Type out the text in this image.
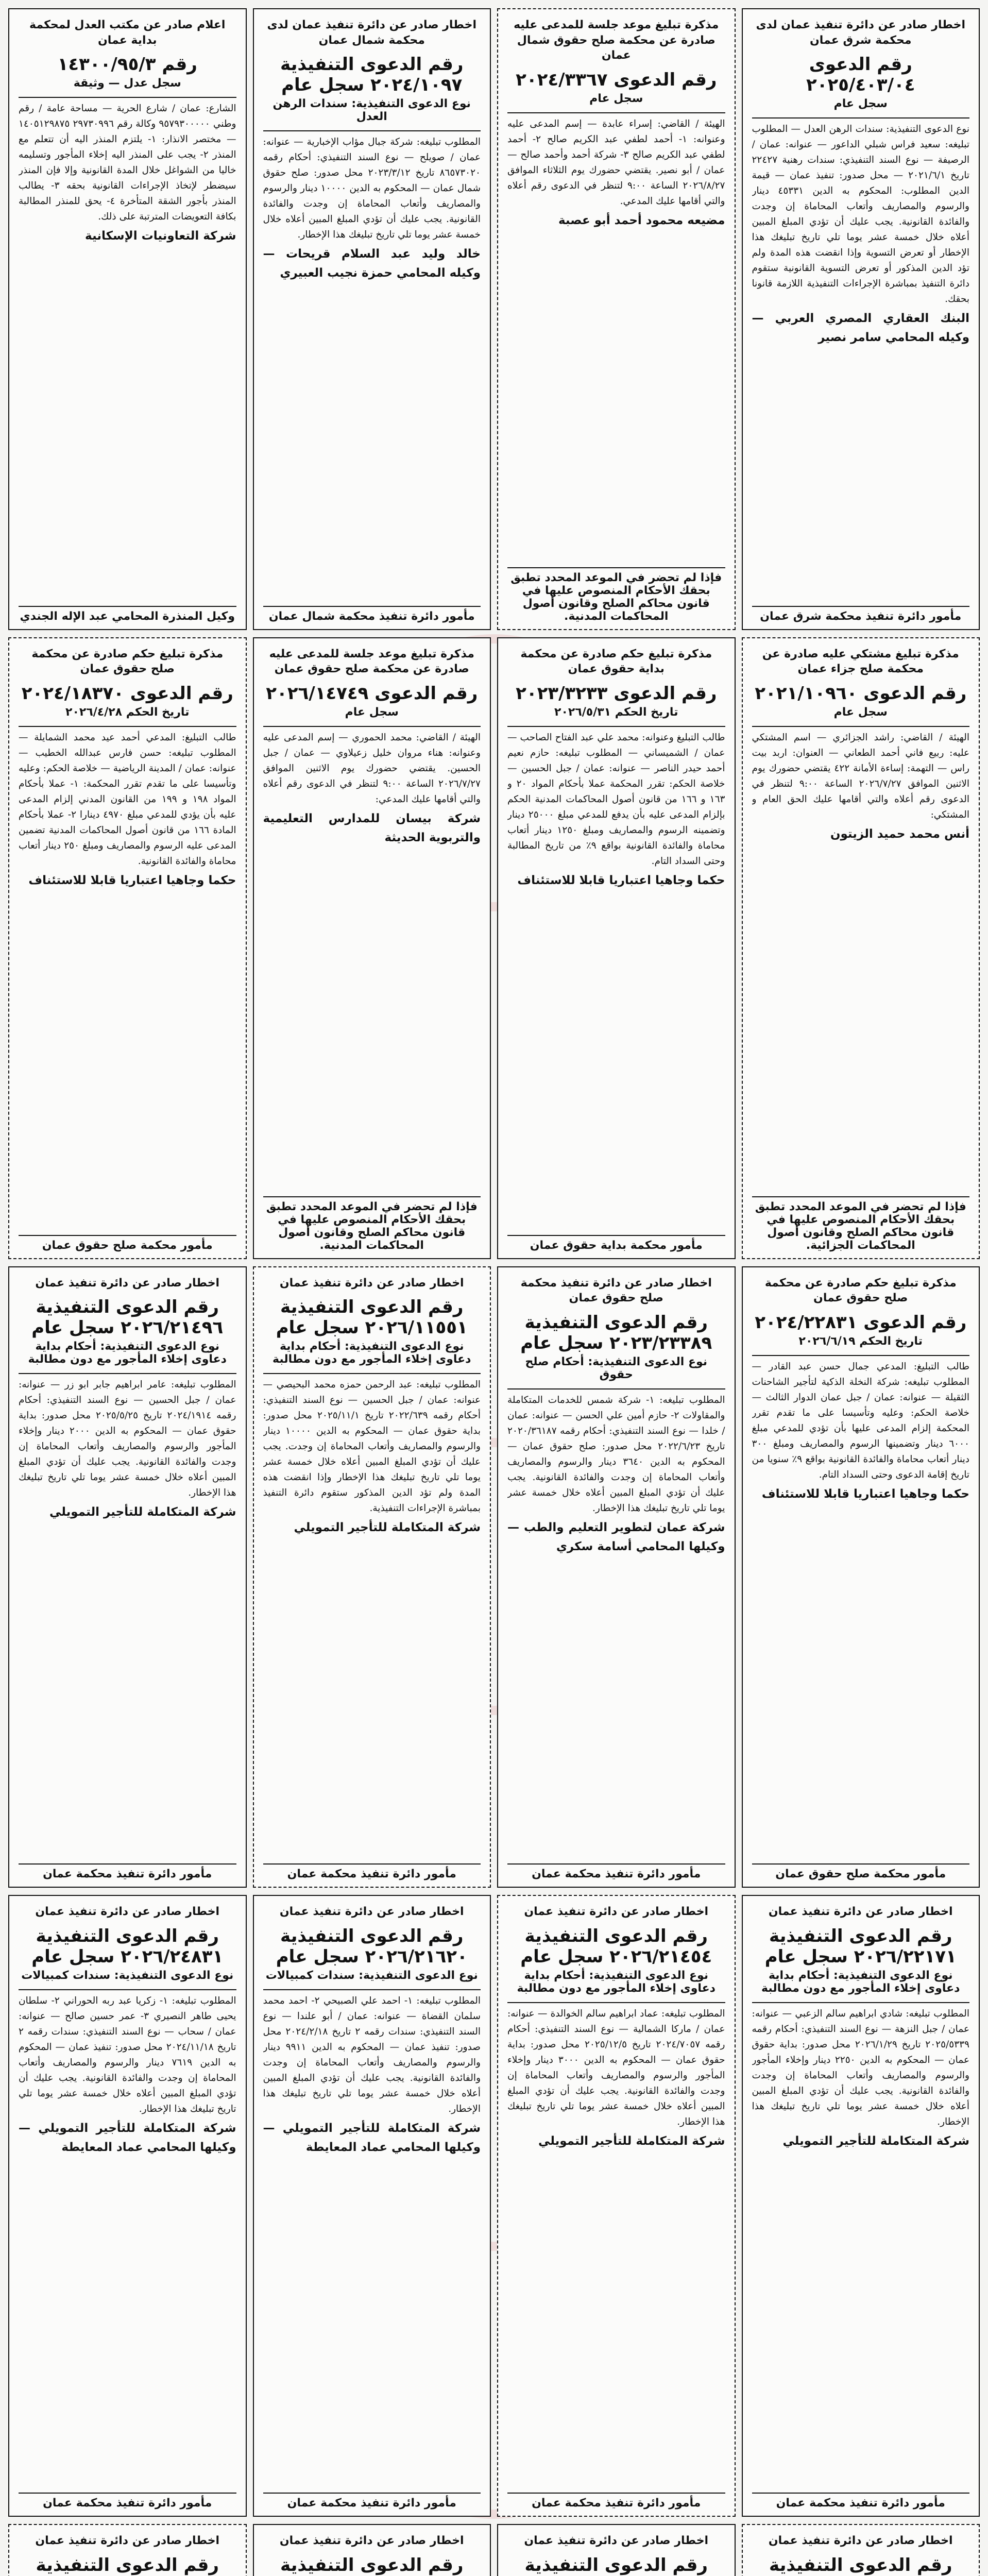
اخطار صادر عن دائرة تنفيذ عمان لدى محكمة شرق عمان
رقم الدعوى ٢٠٢٥/٤٠٣/٠٤
سجل عام
نوع الدعوى التنفيذية: سندات الرهن العدل — المطلوب تبليغه: سعيد فراس شبلي الداعور — عنوانه: عمان / الرصيفة — نوع السند التنفيذي: سندات رهنية ٢٢٤٢٧ تاريخ ٢٠٢١/٦/١ — محل صدور: تنفيذ عمان — قيمة الدين المطلوب: المحكوم به الدين ٤٥٣٣١ دينار والرسوم والمصاريف وأتعاب المحاماة إن وجدت والفائدة القانونية. يجب عليك أن تؤدي المبلغ المبين أعلاه خلال خمسة عشر يوما تلي تاريخ تبليغك هذا الإخطار أو تعرض التسوية وإذا انقضت هذه المدة ولم تؤد الدين المذكور أو تعرض التسوية القانونية ستقوم دائرة التنفيذ بمباشرة الإجراءات التنفيذية اللازمة قانونا بحقك.
البنك العقاري المصري العربي — وكيله المحامي سامر نصير
مأمور دائرة تنفيذ محكمة شرق عمان
مذكرة تبليغ موعد جلسة للمدعى عليه صادرة عن محكمة صلح حقوق شمال عمان
رقم الدعوى ٢٠٢٤/٣٣٦٧
سجل عام
الهيئة / القاضي: إسراء عابدة — إسم المدعى عليه وعنوانه: ١- أحمد لطفي عبد الكريم صالح ٢- أحمد لطفي عبد الكريم صالح ٣- شركة أحمد وأحمد صالح — عمان / أبو نصير. يقتضي حضورك يوم الثلاثاء الموافق ٢٠٢٦/٨/٢٧ الساعة ٩:٠٠ لتنظر في الدعوى رقم أعلاه والتي أقامها عليك المدعي.
مضيعه محمود أحمد أبو عصبة
فإذا لم تحضر في الموعد المحدد تطبق بحقك الأحكام المنصوص عليها في قانون محاكم الصلح وقانون أصول المحاكمات المدنية.
اخطار صادر عن دائرة تنفيذ عمان لدى محكمة شمال عمان
رقم الدعوى التنفيذية ٢٠٢٤/١٠٩٧ سجل عام
نوع الدعوى التنفيذية: سندات الرهن العدل
المطلوب تبليغه: شركة جبال مؤاب الإخبارية — عنوانه: عمان / صويلح — نوع السند التنفيذي: أحكام رقمه ٨٦٥٧٣٠٢٠ تاريخ ٢٠٢٣/٣/١٢ محل صدور: صلح حقوق شمال عمان — المحكوم به الدين ١٠٠٠٠ دينار والرسوم والمصاريف وأتعاب المحاماة إن وجدت والفائدة القانونية. يجب عليك أن تؤدي المبلغ المبين أعلاه خلال خمسة عشر يوما تلي تاريخ تبليغك هذا الإخطار.
خالد وليد عبد السلام قريحات — وكيله المحامي حمزة نجيب العبيري
مأمور دائرة تنفيذ محكمة شمال عمان
اعلام صادر عن مكتب العدل لمحكمة بداية عمان
رقم ١٤٣٠٠/٩٥/٣
سجل عدل — وثيقة
الشارع: عمان / شارع الحرية — مساحة عامة / رقم وطني ٩٥٧٩٣٠٠٠٠٠ وكالة رقم ٢٩٧٣٠٩٩٦ ١٤٠٥١٢٩٨٧٥ — مختصر الانذار: ١- يلتزم المنذر اليه أن تتعلم مع المنذر ٢- يجب على المنذر اليه إخلاء المأجور وتسليمه خاليا من الشواغل خلال المدة القانونية وإلا فإن المنذر سيضطر لإتخاذ الإجراءات القانونية بحقه ٣- يطالب المنذر بأجور الشقة المتأخرة ٤- يحق للمنذر المطالبة بكافة التعويضات المترتبة على ذلك.
شركة التعاونيات الإسكانية
وكيل المنذرة المحامي عبد الإله الجندي
مذكرة تبليغ مشتكي عليه صادرة عن محكمة صلح جزاء عمان
رقم الدعوى ٢٠٢١/١٠٩٦٠
سجل عام
الهيئة / القاضي: راشد الجزائري — اسم المشتكي عليه: ربيع فاني أحمد الطعاني — العنوان: اربد بيت راس — التهمة: إساءة الأمانة ٤٢٢ يقتضي حضورك يوم الاثنين الموافق ٢٠٢٦/٧/٢٧ الساعة ٩:٠٠ لتنظر في الدعوى رقم أعلاه والتي أقامها عليك الحق العام و المشتكي:
أنس محمد حميد الزيتون
فإذا لم تحضر في الموعد المحدد تطبق بحقك الأحكام المنصوص عليها في قانون محاكم الصلح وقانون أصول المحاكمات الجزائية.
مذكرة تبليغ حكم صادرة عن محكمة بداية حقوق عمان
رقم الدعوى ٢٠٢٣/٣٢٣٣
تاريخ الحكم ٢٠٢٦/٥/٣١
طالب التبليغ وعنوانه: محمد علي عبد الفتاح الصاحب — عمان / الشميساني — المطلوب تبليغه: حازم نعيم أحمد حيدر الناصر — عنوانه: عمان / جبل الحسين — خلاصة الحكم: تقرر المحكمة عملا بأحكام المواد ٢٠ و ١٦٣ و ١٦٦ من قانون أصول المحاكمات المدنية الحكم بإلزام المدعى عليه بأن يدفع للمدعي مبلغ ٢٥٠٠٠ دينار وتضمينه الرسوم والمصاريف ومبلغ ١٢٥٠ دينار أتعاب محاماة والفائدة القانونية بواقع ٩٪ من تاريخ المطالبة وحتى السداد التام.
حكما وجاهيا اعتباريا قابلا للاستئناف
مأمور محكمة بداية حقوق عمان
مذكرة تبليغ موعد جلسة للمدعى عليه صادرة عن محكمة صلح حقوق عمان
رقم الدعوى ٢٠٢٦/١٤٧٤٩
سجل عام
الهيئة / القاضي: محمد الحموري — إسم المدعى عليه وعنوانه: هناء مروان خليل زعيلاوي — عمان / جبل الحسين. يقتضي حضورك يوم الاثنين الموافق ٢٠٢٦/٧/٢٧ الساعة ٩:٠٠ لتنظر في الدعوى رقم أعلاه والتي أقامها عليك المدعي:
شركة بيسان للمدارس التعليمية والتربوية الحديثة
فإذا لم تحضر في الموعد المحدد تطبق بحقك الأحكام المنصوص عليها في قانون محاكم الصلح وقانون أصول المحاكمات المدنية.
مذكرة تبليغ حكم صادرة عن محكمة صلح حقوق عمان
رقم الدعوى ٢٠٢٤/١٨٣٧٠
تاريخ الحكم ٢٠٢٦/٤/٢٨
طالب التبليغ: المدعي أحمد عيد محمد الشمايلة — المطلوب تبليغه: حسن فارس عبدالله الخطيب — عنوانه: عمان / المدينة الرياضية — خلاصة الحكم: وعليه وتأسيسا على ما تقدم تقرر المحكمة: ١- عملا بأحكام المواد ١٩٨ و ١٩٩ من القانون المدني إلزام المدعى عليه بأن يؤدي للمدعي مبلغ ٤٩٧٠ دينارا ٢- عملا بأحكام المادة ١٦٦ من قانون أصول المحاكمات المدنية تضمين المدعى عليه الرسوم والمصاريف ومبلغ ٢٥٠ دينار أتعاب محاماة والفائدة القانونية.
حكما وجاهيا اعتباريا قابلا للاستئناف
مأمور محكمة صلح حقوق عمان
مذكرة تبليغ حكم صادرة عن محكمة صلح حقوق عمان
رقم الدعوى ٢٠٢٤/٢٢٨٣١
تاريخ الحكم ٢٠٢٦/٦/١٩
طالب التبليغ: المدعي جمال حسن عبد القادر — المطلوب تبليغه: شركة النخلة الذكية لتأجير الشاحنات الثقيلة — عنوانه: عمان / جبل عمان الدوار الثالث — خلاصة الحكم: وعليه وتأسيسا على ما تقدم تقرر المحكمة إلزام المدعى عليها بأن تؤدي للمدعي مبلغ ٦٠٠٠ دينار وتضمينها الرسوم والمصاريف ومبلغ ٣٠٠ دينار أتعاب محاماة والفائدة القانونية بواقع ٩٪ سنويا من تاريخ إقامة الدعوى وحتى السداد التام.
حكما وجاهيا اعتباريا قابلا للاستئناف
مأمور محكمة صلح حقوق عمان
اخطار صادر عن دائرة تنفيذ محكمة صلح حقوق عمان
رقم الدعوى التنفيذية ٢٠٢٣/٢٣٣٨٩ سجل عام
نوع الدعوى التنفيذية: أحكام صلح حقوق
المطلوب تبليغه: ١- شركة شمس للخدمات المتكاملة والمقاولات ٢- حازم أمين علي الحسن — عنوانه: عمان / خلدا — نوع السند التنفيذي: أحكام رقمه ٢٠٢٠/٣٦١٨٧ تاريخ ٢٠٢٢/٦/٢٣ محل صدور: صلح حقوق عمان — المحكوم به الدين ٣٦٤٠ دينار والرسوم والمصاريف وأتعاب المحاماة إن وجدت والفائدة القانونية. يجب عليك أن تؤدي المبلغ المبين أعلاه خلال خمسة عشر يوما تلي تاريخ تبليغك هذا الإخطار.
شركة عمان لتطوير التعليم والطب — وكيلها المحامي أسامة سكري
مأمور دائرة تنفيذ محكمة عمان
اخطار صادر عن دائرة تنفيذ عمان
رقم الدعوى التنفيذية ٢٠٢٦/١١٥٥١ سجل عام
نوع الدعوى التنفيذية: أحكام بداية دعاوى إخلاء المأجور مع دون مطالبة
المطلوب تبليغه: عبد الرحمن حمزه محمد البحيصي — عنوانه: عمان / جبل الحسين — نوع السند التنفيذي: أحكام رقمه ٢٠٢٢/٦٣٩ تاريخ ٢٠٢٥/١١/١ محل صدور: بداية حقوق عمان — المحكوم به الدين ١٠٠٠٠ دينار والرسوم والمصاريف وأتعاب المحاماة إن وجدت. يجب عليك أن تؤدي المبلغ المبين أعلاه خلال خمسة عشر يوما تلي تاريخ تبليغك هذا الإخطار وإذا انقضت هذه المدة ولم تؤد الدين المذكور ستقوم دائرة التنفيذ بمباشرة الإجراءات التنفيذية.
شركة المتكاملة للتأجير التمويلي
مأمور دائرة تنفيذ محكمة عمان
اخطار صادر عن دائرة تنفيذ عمان
رقم الدعوى التنفيذية ٢٠٢٦/٢١٤٩٦ سجل عام
نوع الدعوى التنفيذية: أحكام بداية دعاوى إخلاء المأجور مع دون مطالبة
المطلوب تبليغه: عامر ابراهيم جابر ابو زر — عنوانه: عمان / جبل الحسين — نوع السند التنفيذي: أحكام رقمه ٢٠٢٤/١٩١٤ تاريخ ٢٠٢٥/٥/٢٥ محل صدور: بداية حقوق عمان — المحكوم به الدين ٢٠٠٠ دينار وإخلاء المأجور والرسوم والمصاريف وأتعاب المحاماة إن وجدت والفائدة القانونية. يجب عليك أن تؤدي المبلغ المبين أعلاه خلال خمسة عشر يوما تلي تاريخ تبليغك هذا الإخطار.
شركة المتكاملة للتأجير التمويلي
مأمور دائرة تنفيذ محكمة عمان
اخطار صادر عن دائرة تنفيذ عمان
رقم الدعوى التنفيذية ٢٠٢٦/٢٢١٧١ سجل عام
نوع الدعوى التنفيذية: أحكام بداية دعاوى إخلاء المأجور مع دون مطالبة
المطلوب تبليغه: شادي ابراهيم سالم الزعبي — عنوانه: عمان / جبل النزهة — نوع السند التنفيذي: أحكام رقمه ٢٠٢٥/٥٣٣٩ تاريخ ٢٠٢٦/١/٢٩ محل صدور: بداية حقوق عمان — المحكوم به الدين ٢٢٥٠ دينار وإخلاء المأجور والرسوم والمصاريف وأتعاب المحاماة إن وجدت والفائدة القانونية. يجب عليك أن تؤدي المبلغ المبين أعلاه خلال خمسة عشر يوما تلي تاريخ تبليغك هذا الإخطار.
شركة المتكاملة للتأجير التمويلي
مأمور دائرة تنفيذ محكمة عمان
اخطار صادر عن دائرة تنفيذ عمان
رقم الدعوى التنفيذية ٢٠٢٦/٢١٤٥٤ سجل عام
نوع الدعوى التنفيذية: أحكام بداية دعاوى إخلاء المأجور مع دون مطالبة
المطلوب تبليغه: عماد ابراهيم سالم الخوالدة — عنوانه: عمان / ماركا الشمالية — نوع السند التنفيذي: أحكام رقمه ٢٠٢٤/٧٠٥٧ تاريخ ٢٠٢٥/١٢/٥ محل صدور: بداية حقوق عمان — المحكوم به الدين ٣٠٠٠ دينار وإخلاء المأجور والرسوم والمصاريف وأتعاب المحاماة إن وجدت والفائدة القانونية. يجب عليك أن تؤدي المبلغ المبين أعلاه خلال خمسة عشر يوما تلي تاريخ تبليغك هذا الإخطار.
شركة المتكاملة للتأجير التمويلي
مأمور دائرة تنفيذ محكمة عمان
اخطار صادر عن دائرة تنفيذ عمان
رقم الدعوى التنفيذية ٢٠٢٦/٢١٦٢٠ سجل عام
نوع الدعوى التنفيذية: سندات كمبيالات
المطلوب تبليغه: ١- احمد علي الصبيحي ٢- احمد محمد سلمان القضاة — عنوانه: عمان / أبو علندا — نوع السند التنفيذي: سندات رقمه ٢ تاريخ ٢٠٢٤/٢/١٨ محل صدور: تنفيذ عمان — المحكوم به الدين ٩٩١١ دينار والرسوم والمصاريف وأتعاب المحاماة إن وجدت والفائدة القانونية. يجب عليك أن تؤدي المبلغ المبين أعلاه خلال خمسة عشر يوما تلي تاريخ تبليغك هذا الإخطار.
شركة المتكاملة للتأجير التمويلي — وكيلها المحامي عماد المعايطة
مأمور دائرة تنفيذ محكمة عمان
اخطار صادر عن دائرة تنفيذ عمان
رقم الدعوى التنفيذية ٢٠٢٦/٢٤٨٣١ سجل عام
نوع الدعوى التنفيذية: سندات كمبيالات
المطلوب تبليغه: ١- زكريا عبد ربه الحوراني ٢- سلطان يحيى طاهر النصيري ٣- عمر حسين صالح — عنوانه: عمان / سحاب — نوع السند التنفيذي: سندات رقمه ٢ تاريخ ٢٠٢٤/١١/١٨ محل صدور: تنفيذ عمان — المحكوم به الدين ٧٦١٩ دينار والرسوم والمصاريف وأتعاب المحاماة إن وجدت والفائدة القانونية. يجب عليك أن تؤدي المبلغ المبين أعلاه خلال خمسة عشر يوما تلي تاريخ تبليغك هذا الإخطار.
شركة المتكاملة للتأجير التمويلي — وكيلها المحامي عماد المعايطة
مأمور دائرة تنفيذ محكمة عمان
اخطار صادر عن دائرة تنفيذ عمان
رقم الدعوى التنفيذية
اخطار صادر عن دائرة تنفيذ عمان
رقم الدعوى التنفيذية
اخطار صادر عن دائرة تنفيذ عمان
رقم الدعوى التنفيذية
اخطار صادر عن دائرة تنفيذ عمان
رقم الدعوى التنفيذية
